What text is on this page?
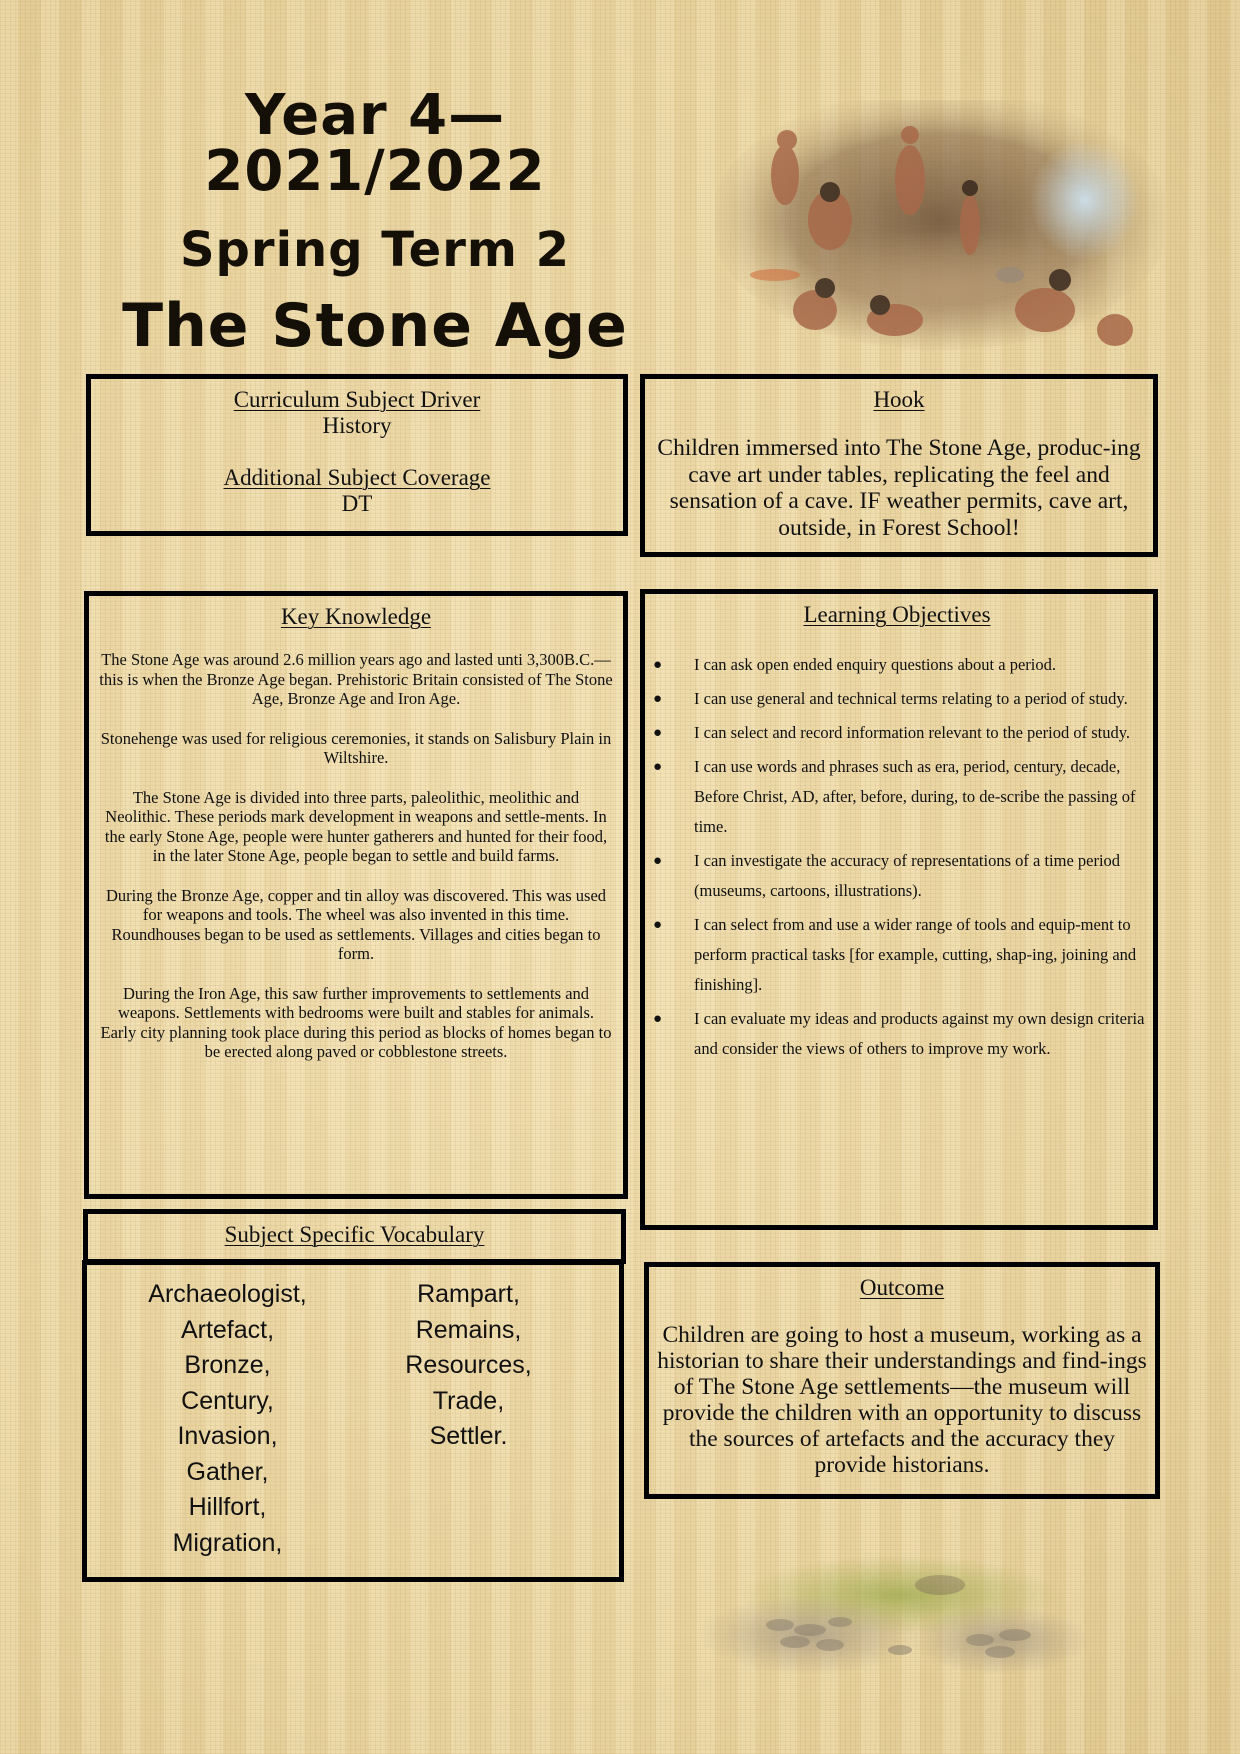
Year 4—2021/2022
Spring Term 2
The Stone Age
Curriculum Subject Driver
History
Additional Subject Coverage
DT
Hook
Children immersed into The Stone Age, produc-ing cave art under tables, replicating the feel and sensation of a cave. IF weather permits, cave art, outside, in Forest School!
Key Knowledge

The Stone Age was around 2.6 million years ago and lasted unti 3,300B.C.—this is when the Bronze Age began. Prehistoric Britain consisted of The Stone Age, Bronze Age and Iron Age.

Stonehenge was used for religious ceremonies, it stands on Salisbury Plain in Wiltshire.

The Stone Age is divided into three parts, paleolithic, meolithic and Neolithic. These periods mark development in weapons and settle-ments. In the early Stone Age, people were hunter gatherers and hunted for their food, in the later Stone Age, people began to settle and build farms.

During the Bronze Age, copper and tin alloy was discovered. This was used for weapons and tools. The wheel was also invented in this time. Roundhouses began to be used as settlements. Villages and cities began to form.

During the Iron Age, this saw further improvements to settlements and weapons. Settlements with bedrooms were built and stables for animals. Early city planning took place during this period as blocks of homes began to be erected along paved or cobblestone streets.

Learning Objectives
● I can ask open ended enquiry questions about a period.
● I can use general and technical terms relating to a period of study.
● I can select and record information relevant to the period of study.
● I can use words and phrases such as era, period, century, decade, Before Christ, AD, after, before, during, to de-scribe the passing of time.
● I can investigate the accuracy of representations of a time period (museums, cartoons, illustrations).
● I can select from and use a wider range of tools and equip-ment to perform practical tasks [for example, cutting, shap-ing, joining and finishing].
● I can evaluate my ideas and products against my own design criteria and consider the views of others to improve my work.
Subject Specific Vocabulary
Archaeologist,
Artefact,
Bronze,
Century,
Invasion,
Gather,
Hillfort,
Migration,
Rampart,
Remains,
Resources,
Trade,
Settler.
Outcome
Children are going to host a museum, working as a historian to share their understandings and find-ings of The Stone Age settlements—the museum will provide the children with an opportunity to discuss the sources of artefacts and the accuracy they provide historians.
